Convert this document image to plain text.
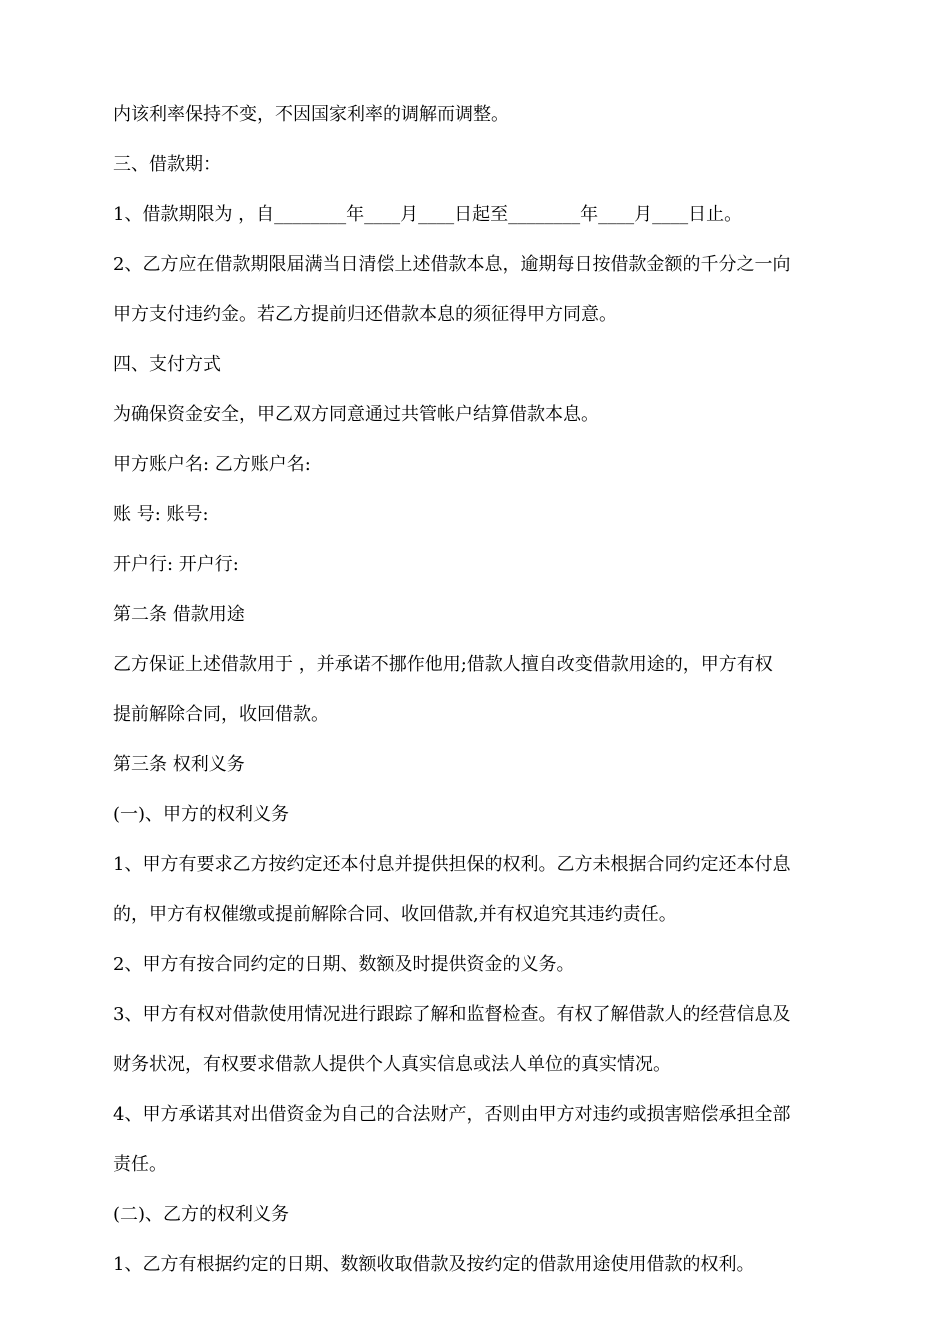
内该利率保持不变，不因国家利率的调解而调整。
三、借款期：
1、借款期限为 ，自________年____月____日起至________年____月____日止。
2、乙方应在借款期限届满当日清偿上述借款本息，逾期每日按借款金额的千分之一向
甲方支付违约金。若乙方提前归还借款本息的须征得甲方同意。
四、支付方式
为确保资金安全，甲乙双方同意通过共管帐户结算借款本息。
甲方账户名: 乙方账户名:
账 号: 账号:
开户行: 开户行:
第二条 借款用途
乙方保证上述借款用于 ，并承诺不挪作他用;借款人擅自改变借款用途的，甲方有权
提前解除合同，收回借款。
第三条 权利义务
(一)、甲方的权利义务
1、甲方有要求乙方按约定还本付息并提供担保的权利。乙方未根据合同约定还本付息
的，甲方有权催缴或提前解除合同、收回借款,并有权追究其违约责任。
2、甲方有按合同约定的日期、数额及时提供资金的义务。
3、甲方有权对借款使用情况进行跟踪了解和监督检查。有权了解借款人的经营信息及
财务状况，有权要求借款人提供个人真实信息或法人单位的真实情况。
4、甲方承诺其对出借资金为自己的合法财产，否则由甲方对违约或损害赔偿承担全部
责任。
(二)、乙方的权利义务
1、乙方有根据约定的日期、数额收取借款及按约定的借款用途使用借款的权利。
